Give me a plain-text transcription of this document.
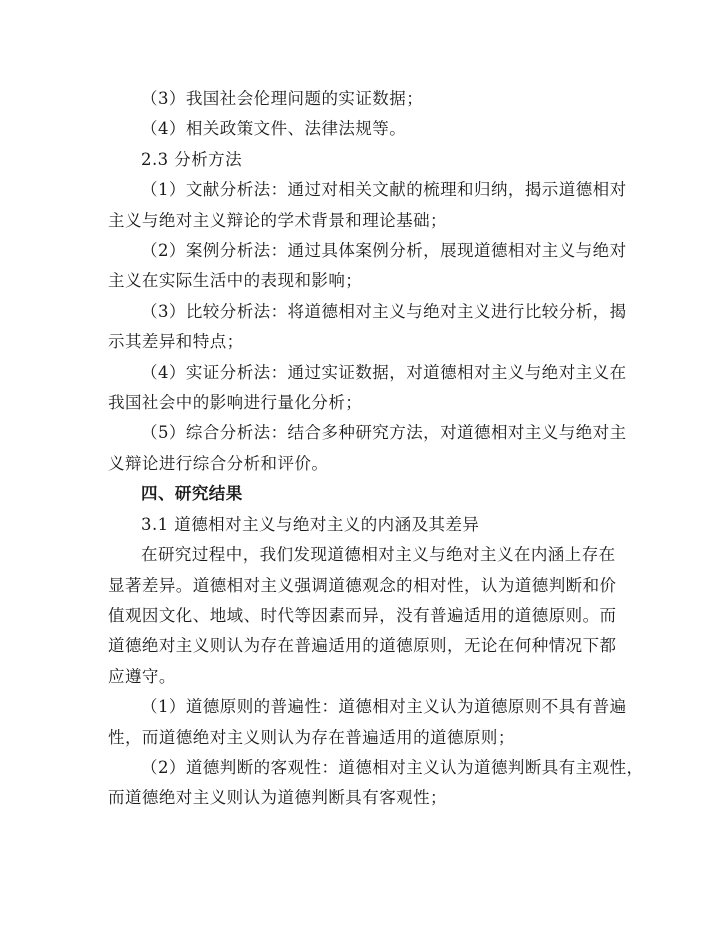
（3）我国社会伦理问题的实证数据；
（4）相关政策文件、法律法规等。
2.3 分析方法
（1）文献分析法：通过对相关文献的梳理和归纳，揭示道德相对
主义与绝对主义辩论的学术背景和理论基础；
（2）案例分析法：通过具体案例分析，展现道德相对主义与绝对
主义在实际生活中的表现和影响；
（3）比较分析法：将道德相对主义与绝对主义进行比较分析，揭
示其差异和特点；
（4）实证分析法：通过实证数据，对道德相对主义与绝对主义在
我国社会中的影响进行量化分析；
（5）综合分析法：结合多种研究方法，对道德相对主义与绝对主
义辩论进行综合分析和评价。
四、研究结果
3.1 道德相对主义与绝对主义的内涵及其差异
在研究过程中，我们发现道德相对主义与绝对主义在内涵上存在
显著差异。道德相对主义强调道德观念的相对性，认为道德判断和价
值观因文化、地域、时代等因素而异，没有普遍适用的道德原则。而
道德绝对主义则认为存在普遍适用的道德原则，无论在何种情况下都
应遵守。
（1）道德原则的普遍性：道德相对主义认为道德原则不具有普遍
性，而道德绝对主义则认为存在普遍适用的道德原则；
（2）道德判断的客观性：道德相对主义认为道德判断具有主观性，
而道德绝对主义则认为道德判断具有客观性；
